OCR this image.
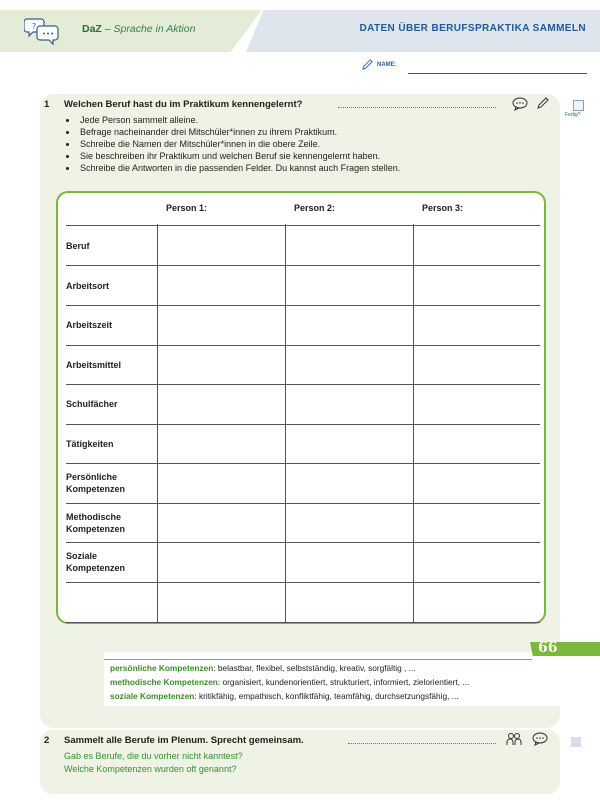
?	DaZ – Sprache in Aktion	DATEN ÜBER BERUFSPRAKTIKA SAMMELN
NAME:
Fertig?
1 Welchen Beruf hast du im Praktikum kennengelernt?
• Jede Person sammelt alleine.
• Befrage nacheinander drei Mitschüler*innen zu ihrem Praktikum.
• Schreibe die Namen der Mitschüler*innen in die obere Zeile.
• Sie beschreiben ihr Praktikum und welchen Beruf sie kennengelernt haben.
• Schreibe die Antworten in die passenden Felder. Du kannst auch Fragen stellen.
Person 1:	Person 2:	Person 3:
Beruf
Arbeitsort
Arbeitszeit
Arbeitsmittel
Schulfächer
Tätigkeiten
Persönliche Kompetenzen
Methodische Kompetenzen
Soziale Kompetenzen
66
persönliche Kompetenzen: belastbar, flexibel, selbstständig, kreativ, sorgfältig , ...
methodische Kompetenzen: organisiert, kundenorientiert, strukturiert, informiert, zielorientiert, ...
soziale Kompetenzen: kritikfähig, empathisch, konfliktfähig, teamfähig, durchsetzungsfähig, ...
2 Sammelt alle Berufe im Plenum. Sprecht gemeinsam.
Gab es Berufe, die du vorher nicht kanntest?
Welche Kompetenzen wurden oft genannt?
